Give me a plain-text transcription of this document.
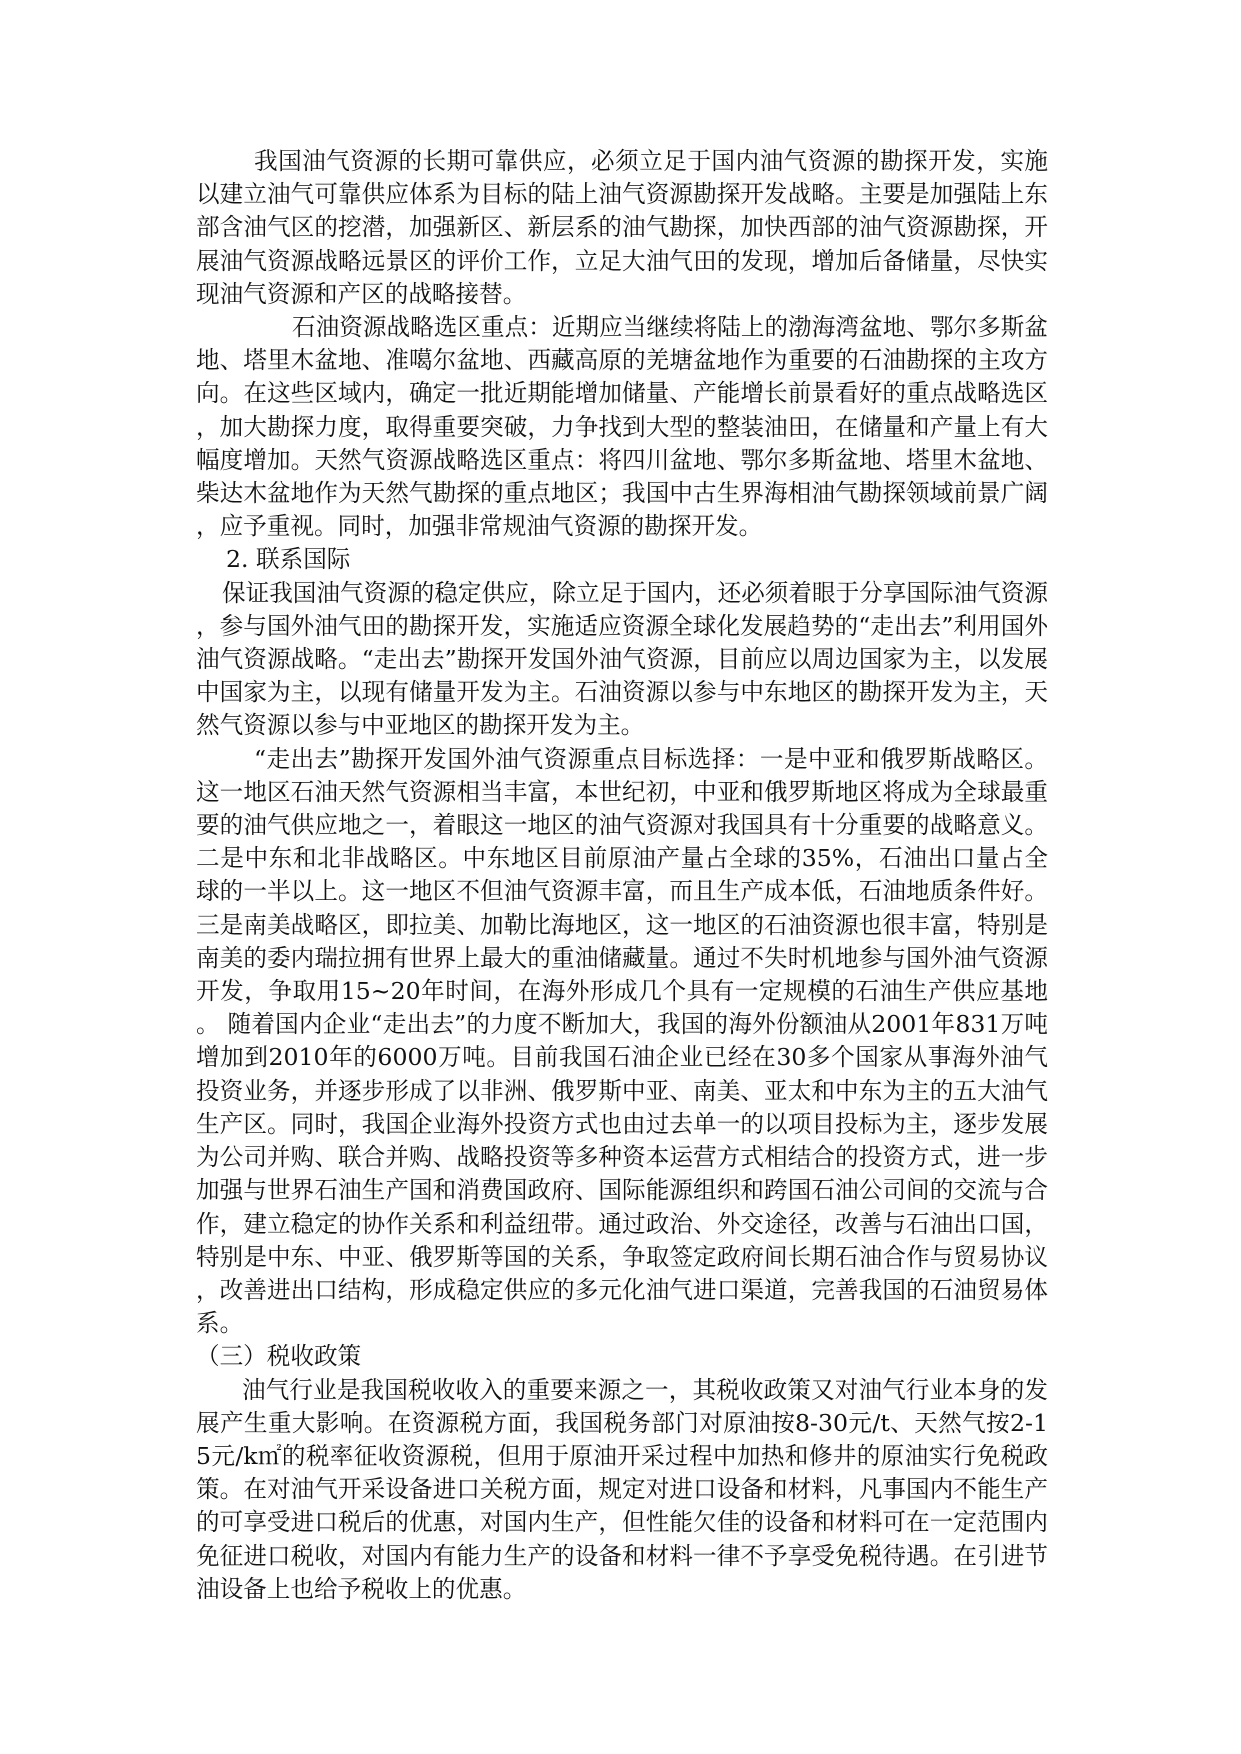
我国油气资源的长期可靠供应，必须立足于国内油气资源的勘探开发，实施以建立油气可靠供应体系为目标的陆上油气资源勘探开发战略。主要是加强陆上东部含油气区的挖潜，加强新区、新层系的油气勘探，加快西部的油气资源勘探，开展油气资源战略远景区的评价工作，立足大油气田的发现，增加后备储量，尽快实现油气资源和产区的战略接替。

石油资源战略选区重点：近期应当继续将陆上的渤海湾盆地、鄂尔多斯盆地、塔里木盆地、准噶尔盆地、西藏高原的羌塘盆地作为重要的石油勘探的主攻方向。在这些区域内，确定一批近期能增加储量、产能增长前景看好的重点战略选区，加大勘探力度，取得重要突破，力争找到大型的整装油田，在储量和产量上有大幅度增加。天然气资源战略选区重点：将四川盆地、鄂尔多斯盆地、塔里木盆地、柴达木盆地作为天然气勘探的重点地区；我国中古生界海相油气勘探领域前景广阔，应予重视。同时，加强非常规油气资源的勘探开发。

2. 联系国际

保证我国油气资源的稳定供应，除立足于国内，还必须着眼于分享国际油气资源，参与国外油气田的勘探开发，实施适应资源全球化发展趋势的“走出去”利用国外油气资源战略。“走出去”勘探开发国外油气资源，目前应以周边国家为主，以发展中国家为主，以现有储量开发为主。石油资源以参与中东地区的勘探开发为主，天然气资源以参与中亚地区的勘探开发为主。

“走出去”勘探开发国外油气资源重点目标选择：一是中亚和俄罗斯战略区。这一地区石油天然气资源相当丰富，本世纪初，中亚和俄罗斯地区将成为全球最重要的油气供应地之一，着眼这一地区的油气资源对我国具有十分重要的战略意义。二是中东和北非战略区。中东地区目前原油产量占全球的35%，石油出口量占全球的一半以上。这一地区不但油气资源丰富，而且生产成本低，石油地质条件好。三是南美战略区，即拉美、加勒比海地区，这一地区的石油资源也很丰富，特别是南美的委内瑞拉拥有世界上最大的重油储藏量。通过不失时机地参与国外油气资源开发，争取用15~20年时间，在海外形成几个具有一定规模的石油生产供应基地。 随着国内企业“走出去”的力度不断加大，我国的海外份额油从2001年831万吨增加到2010年的6000万吨。目前我国石油企业已经在30多个国家从事海外油气投资业务，并逐步形成了以非洲、俄罗斯中亚、南美、亚太和中东为主的五大油气生产区。同时，我国企业海外投资方式也由过去单一的以项目投标为主，逐步发展为公司并购、联合并购、战略投资等多种资本运营方式相结合的投资方式，进一步加强与世界石油生产国和消费国政府、国际能源组织和跨国石油公司间的交流与合作，建立稳定的协作关系和利益纽带。通过政治、外交途径，改善与石油出口国，特别是中东、中亚、俄罗斯等国的关系，争取签定政府间长期石油合作与贸易协议，改善进出口结构，形成稳定供应的多元化油气进口渠道，完善我国的石油贸易体系。

（三）税收政策

油气行业是我国税收收入的重要来源之一，其税收政策又对油气行业本身的发展产生重大影响。在资源税方面，我国税务部门对原油按8-30元/t、天然气按2-15元/k㎡的税率征收资源税，但用于原油开采过程中加热和修井的原油实行免税政策。在对油气开采设备进口关税方面，规定对进口设备和材料，凡事国内不能生产的可享受进口税后的优惠，对国内生产，但性能欠佳的设备和材料可在一定范围内免征进口税收，对国内有能力生产的设备和材料一律不予享受免税待遇。在引进节油设备上也给予税收上的优惠。
